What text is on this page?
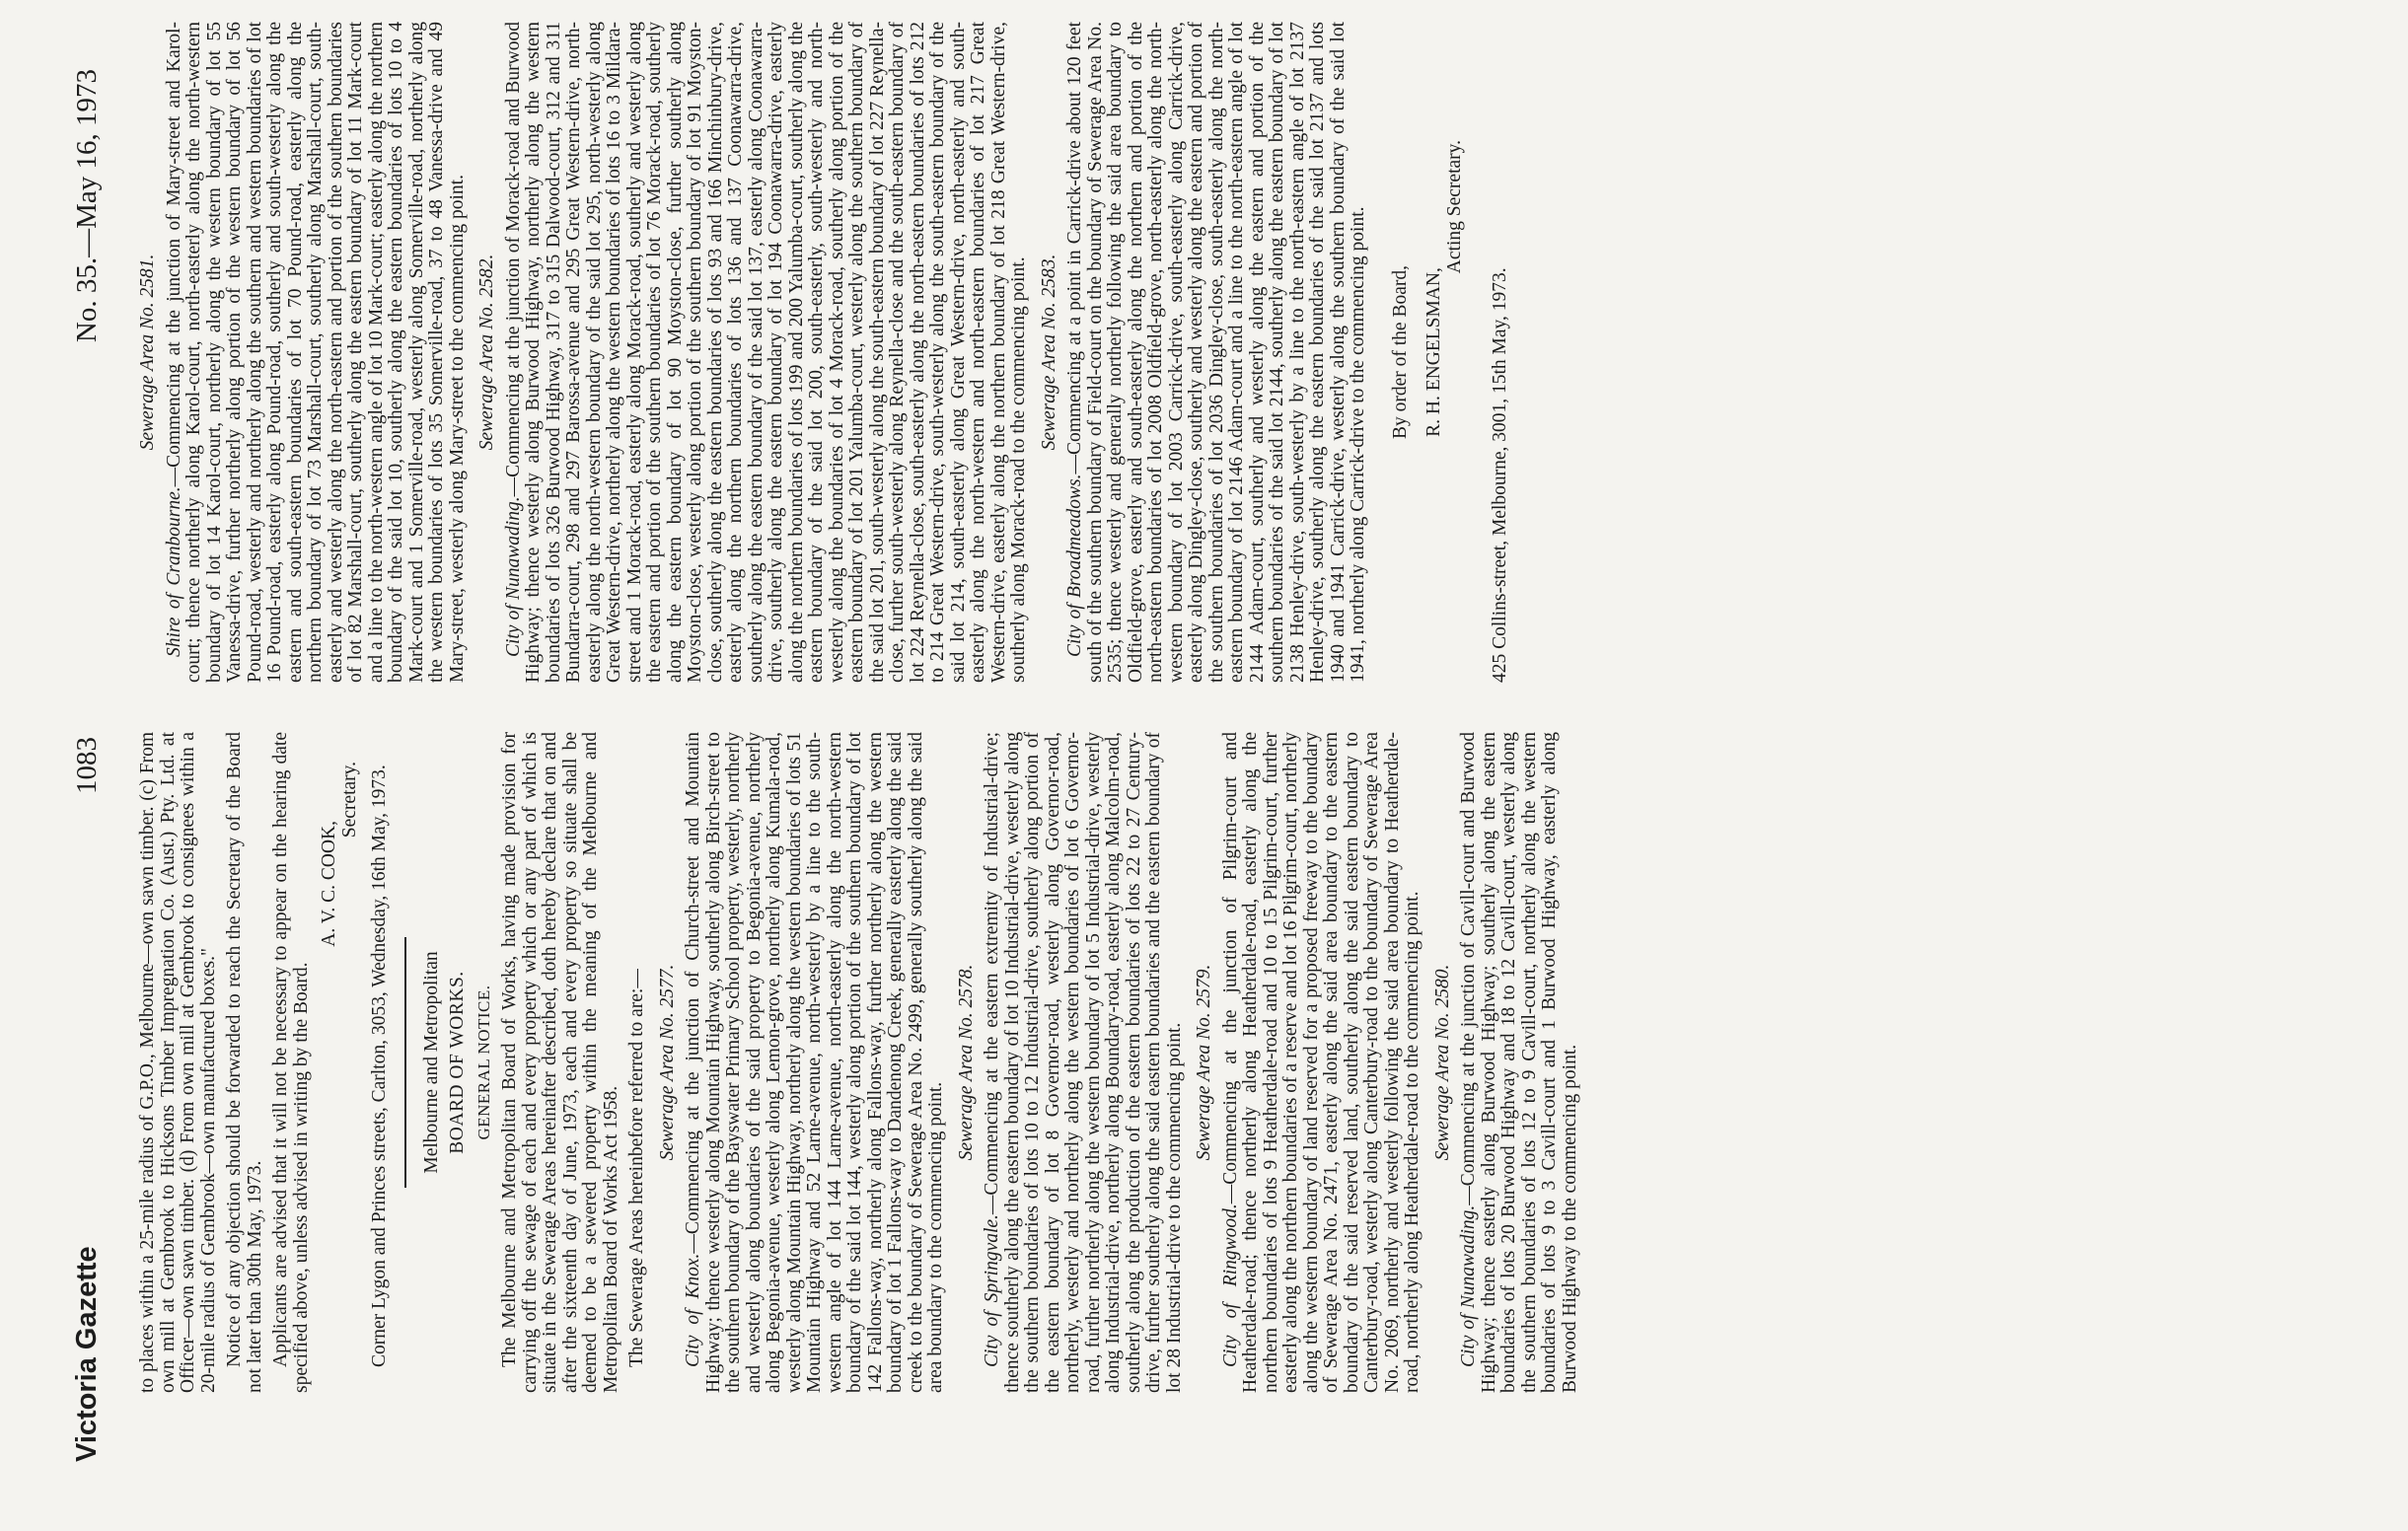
Victoria Gazette
1083
No. 35.—May 16, 1973

to places within a 25-mile radius of G.P.O., Melbourne—own sawn timber. (c) From own mill at Gembrook to Hicksons Timber Impregnation Co. (Aust.) Pty. Ltd. at Officer—own sawn timber. (d) From own mill at Gembrook to consignees within a 20-mile radius of Gembrook—own manufactured boxes." Notice of any objection should be forwarded to reach the Secretary of the Board not later than 30th May, 1973. Applicants are advised that it will not be necessary to appear on the hearing date specified above, unless advised in writing by the Board.

A. V. C. COOK,

Secretary. Corner Lygon and Princes streets, Carlton, 3053, Wednesday, 16th May, 1973. Melbourne and Metropolitan BOARD OF WORKS. GENERAL NOTICE. The Melbourne and Metropolitan Board of Works, having made provision for carrying off the sewage of each and every property which or any part of which is situate in the Sewerage Areas hereinafter described, doth hereby declare that on and after the sixteenth day of June, 1973, each and every property so situate shall be deemed to be a sewered property within the meaning of the Melbourne and Metropolitan Board of Works Act 1958. The Sewerage Areas hereinbefore referred to are:— Sewerage Area No. 2577.

City of Knox.—Commencing at the junction of Church-street and Mountain Highway; thence westerly along Mountain Highway, southerly along Birch-street to the southern boundary of the Bayswater Primary School property, westerly, northerly and westerly along boundaries of the said property to Begonia-avenue, northerly along Begonia-avenue, westerly along Lemon-grove, northerly along Kumala-road, westerly along Mountain Highway, northerly along the western boundaries of lots 51 Mountain Highway and 52 Larne-avenue, north-westerly by a line to the south-western angle of lot 144 Larne-avenue, north-easterly along the north-western boundary of the said lot 144, westerly along portion of the southern boundary of lot 142 Fallons-way, northerly along Fallons-way, further northerly along the western boundary of lot 1 Fallons-way to Dandenong Creek, generally easterly along the said creek to the boundary of Sewerage Area No. 2499, generally southerly along the said area boundary to the commencing point.

Sewerage Area No. 2578.

City of Springvale.—Commencing at the eastern extremity of Industrial-drive; thence southerly along the eastern boundary of lot 10 Industrial-drive, westerly along the southern boundaries of lots 10 to 12 Industrial-drive, southerly along portion of the eastern boundary of lot 8 Governor-road, westerly along Governor-road, northerly, westerly and northerly along the western boundaries of lot 6 Governor-road, further northerly along the western boundary of lot 5 Industrial-drive, westerly along Industrial-drive, northerly along Boundary-road, easterly along Malcolm-road, southerly along the production of the eastern boundaries of lots 22 to 27 Century-drive, further southerly along the said eastern boundaries and the eastern boundary of lot 28 Industrial-drive to the commencing point. Sewerage Area No. 2579.

City of Ringwood.—Commencing at the junction of Pilgrim-court and Heatherdale-road; thence northerly along Heatherdale-road, easterly along the northern boundaries of lots 9 Heatherdale-road and 10 to 15 Pilgrim-court, further easterly along the northern boundaries of a reserve and lot 16 Pilgrim-court, northerly along the western boundary of land reserved for a proposed freeway to the boundary of Sewerage Area No. 2471, easterly along the said area boundary to the eastern boundary of the said reserved land, southerly along the said eastern boundary to Canterbury-road, westerly along Canterbury-road to the boundary of Sewerage Area No. 2069, northerly and westerly following the said area boundary to Heatherdale-road, northerly along Heatherdale-road to the commencing point. Sewerage Area No. 2580.

City of Nunawading.—Commencing at the junction of Cavill-court and Burwood Highway; thence easterly along Burwood Highway; southerly along the eastern boundaries of lots 20 Burwood Highway and 18 to 12 Cavill-court, westerly along the southern boundaries of lots 12 to 9 Cavill-court, northerly along the western boundaries of lots 9 to 3 Cavill-court and 1 Burwood Highway, easterly along Burwood Highway to the commencing point.

Sewerage Area No. 2581.

Shire of Cranbourne.—Commencing at the junction of Mary-street and Karol-court; thence northerly along Karol-court, north-easterly along the north-western boundary of lot 14 Karol-court, northerly along the western boundary of lot 55 Vanessa-drive, further northerly along portion of the western boundary of lot 56 Pound-road, westerly and northerly along the southern and western boundaries of lot 16 Pound-road, easterly along Pound-road, southerly and south-westerly along the eastern and south-eastern boundaries of lot 70 Pound-road, easterly along the northern boundary of lot 73 Marshall-court, southerly along Marshall-court, south-easterly and westerly along the north-eastern and portion of the southern boundaries of lot 82 Marshall-court, southerly along the eastern boundary of lot 11 Mark-court and a line to the north-western angle of lot 10 Mark-court; easterly along the northern boundary of the said lot 10, southerly along the eastern boundaries of lots 10 to 4 Mark-court and 1 Somerville-road, westerly along Somerville-road, northerly along the western boundaries of lots 35 Somerville-road, 37 to 48 Vanessa-drive and 49 Mary-street, westerly along Mary-street to the commencing point. Sewerage Area No. 2582.

City of Nunawading.—Commencing at the junction of Morack-road and Burwood Highway; thence westerly along Burwood Highway, northerly along the western boundaries of lots 326 Burwood Highway, 317 to 315 Dalwood-court, 312 and 311 Bundarra-court, 298 and 297 Barossa-avenue and 295 Great Western-drive, north-easterly along the north-western boundary of the said lot 295, north-westerly along Great Western-drive, northerly along the western boundaries of lots 16 to 3 Mildara-street and 1 Morack-road, easterly along Morack-road, southerly and westerly along the eastern and portion of the southern boundaries of lot 76 Morack-road, southerly along the eastern boundary of lot 90 Moyston-close, further southerly along Moyston-close, westerly along portion of the southern boundary of lot 91 Moyston-close, southerly along the eastern boundaries of lots 93 and 166 Minchinbury-drive, easterly along the northern boundaries of lots 136 and 137 Coonawarra-drive, southerly along the eastern boundary of the said lot 137, easterly along Coonawarra-drive, southerly along the eastern boundary of lot 194 Coonawarra-drive, easterly along the northern boundaries of lots 199 and 200 Yalumba-court, southerly along the eastern boundary of the said lot 200, south-easterly, south-westerly and north-westerly along the boundaries of lot 4 Morack-road, southerly along portion of the eastern boundary of lot 201 Yalumba-court, westerly along the southern boundary of the said lot 201, south-westerly along the south-eastern boundary of lot 227 Reynella-close, further south-westerly along Reynella-close and the south-eastern boundary of lot 224 Reynella-close, south-easterly along the north-eastern boundaries of lots 212 to 214 Great Western-drive, south-westerly along the south-eastern boundary of the said lot 214, south-easterly along Great Western-drive, north-easterly and south-easterly along the north-western and north-eastern boundaries of lot 217 Great Western-drive, easterly along the northern boundary of lot 218 Great Western-drive, southerly along Morack-road to the commencing point. Sewerage Area No. 2583.

City of Broadmeadows.—Commencing at a point in Carrick-drive about 120 feet south of the southern boundary of Field-court on the boundary of Sewerage Area No. 2535; thence westerly and generally northerly following the said area boundary to Oldfield-grove, easterly and south-easterly along the northern and portion of the north-eastern boundaries of lot 2008 Oldfield-grove, north-easterly along the north-western boundary of lot 2003 Carrick-drive, south-easterly along Carrick-drive, easterly along Dingley-close, southerly and westerly along the eastern and portion of the southern boundaries of lot 2036 Dingley-close, south-easterly along the north-eastern boundary of lot 2146 Adam-court and a line to the north-eastern angle of lot 2144 Adam-court, southerly and westerly along the eastern and portion of the southern boundaries of the said lot 2144, southerly along the eastern boundary of lot 2138 Henley-drive, south-westerly by a line to the north-eastern angle of lot 2137 Henley-drive, southerly along the eastern boundaries of the said lot 2137 and lots 1940 and 1941 Carrick-drive, westerly along the southern boundary of the said lot 1941, northerly along Carrick-drive to the commencing point. By order of the Board, R. H. ENGELSMAN,

Acting Secretary.

425 Collins-street, Melbourne, 3001, 15th May, 1973.
